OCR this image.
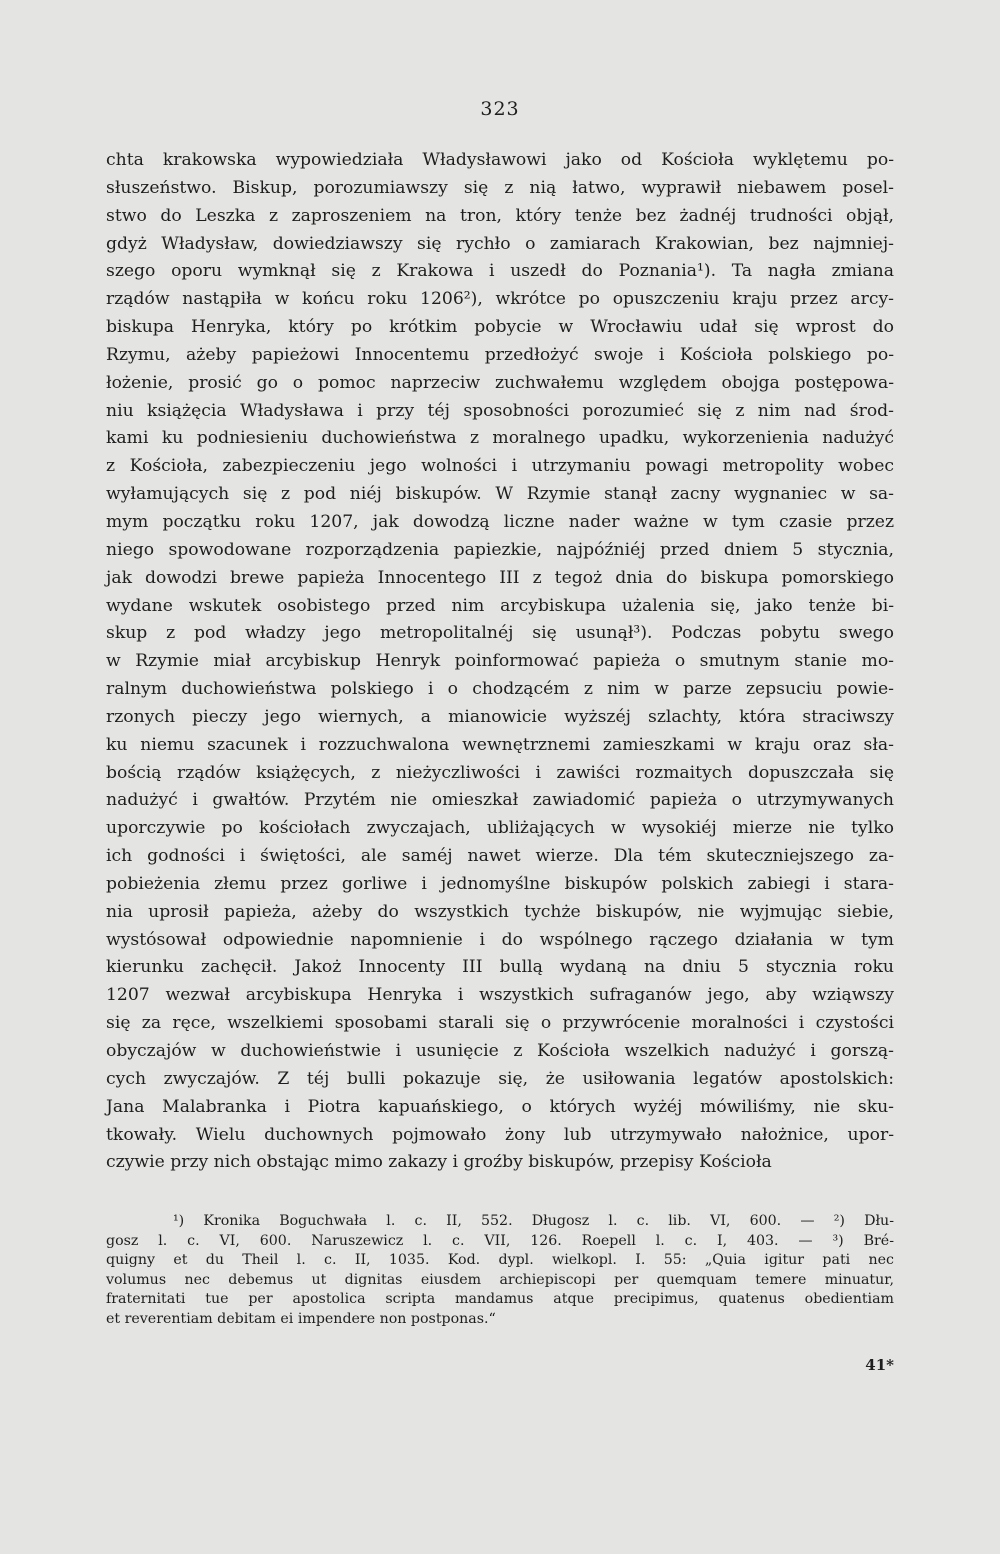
323
chta krakowska wypowiedziała Władysławowi jako od Kościoła wyklętemu po-
słuszeństwo. Biskup, porozumiawszy się z nią łatwo, wyprawił niebawem posel-
stwo do Leszka z zaproszeniem na tron, który tenże bez żadnéj trudności objął,
gdyż Władysław, dowiedziawszy się rychło o zamiarach Krakowian, bez najmniej-
szego oporu wymknął się z Krakowa i uszedł do Poznania¹). Ta nagła zmiana
rządów nastąpiła w końcu roku 1206²), wkrótce po opuszczeniu kraju przez arcy-
biskupa Henryka, który po krótkim pobycie w Wrocławiu udał się wprost do
Rzymu, ażeby papieżowi Innocentemu przedłożyć swoje i Kościoła polskiego po-
łożenie, prosić go o pomoc naprzeciw zuchwałemu względem obojga postępowa-
niu książęcia Władysława i przy téj sposobności porozumieć się z nim nad środ-
kami ku podniesieniu duchowieństwa z moralnego upadku, wykorzenienia nadużyć
z Kościoła, zabezpieczeniu jego wolności i utrzymaniu powagi metropolity wobec
wyłamujących się z pod niéj biskupów. W Rzymie stanął zacny wygnaniec w sa-
mym początku roku 1207, jak dowodzą liczne nader ważne w tym czasie przez
niego spowodowane rozporządzenia papiezkie, najpóźniéj przed dniem 5 stycznia,
jak dowodzi brewe papieża Innocentego III z tegoż dnia do biskupa pomorskiego
wydane wskutek osobistego przed nim arcybiskupa użalenia się, jako tenże bi-
skup z pod władzy jego metropolitalnéj się usunął³). Podczas pobytu swego
w Rzymie miał arcybiskup Henryk poinformować papieża o smutnym stanie mo-
ralnym duchowieństwa polskiego i o chodzącém z nim w parze zepsuciu powie-
rzonych pieczy jego wiernych, a mianowicie wyższéj szlachty, która straciwszy
ku niemu szacunek i rozzuchwalona wewnętrznemi zamieszkami w kraju oraz sła-
bością rządów książęcych, z nieżyczliwości i zawiści rozmaitych dopuszczała się
nadużyć i gwałtów. Przytém nie omieszkał zawiadomić papieża o utrzymywanych
uporczywie po kościołach zwyczajach, ubliżających w wysokiéj mierze nie tylko
ich godności i świętości, ale saméj nawet wierze. Dla tém skuteczniejszego za-
pobieżenia złemu przez gorliwe i jednomyślne biskupów polskich zabiegi i stara-
nia uprosił papieża, ażeby do wszystkich tychże biskupów, nie wyjmując siebie,
wystósował odpowiednie napomnienie i do wspólnego rączego działania w tym
kierunku zachęcił. Jakoż Innocenty III bullą wydaną na dniu 5 stycznia roku
1207 wezwał arcybiskupa Henryka i wszystkich sufraganów jego, aby wziąwszy
się za ręce, wszelkiemi sposobami starali się o przywrócenie moralności i czystości
obyczajów w duchowieństwie i usunięcie z Kościoła wszelkich nadużyć i gorszą-
cych zwyczajów. Z téj bulli pokazuje się, że usiłowania legatów apostolskich:
Jana Malabranka i Piotra kapuańskiego, o których wyżéj mówiliśmy, nie sku-
tkowały. Wielu duchownych pojmowało żony lub utrzymywało nałożnice, upor-
czywie przy nich obstając mimo zakazy i groźby biskupów, przepisy Kościoła
¹) Kronika Boguchwała l. c. II, 552. Długosz l. c. lib. VI, 600. — ²) Dłu-
gosz l. c. VI, 600. Naruszewicz l. c. VII, 126. Roepell l. c. I, 403. — ³) Bré-
quigny et du Theil l. c. II, 1035. Kod. dypl. wielkopl. I. 55: „Quia igitur pati nec
volumus nec debemus ut dignitas eiusdem archiepiscopi per quemquam temere minuatur,
fraternitati tue per apostolica scripta mandamus atque precipimus, quatenus obedientiam
et reverentiam debitam ei impendere non postponas.“
41*
